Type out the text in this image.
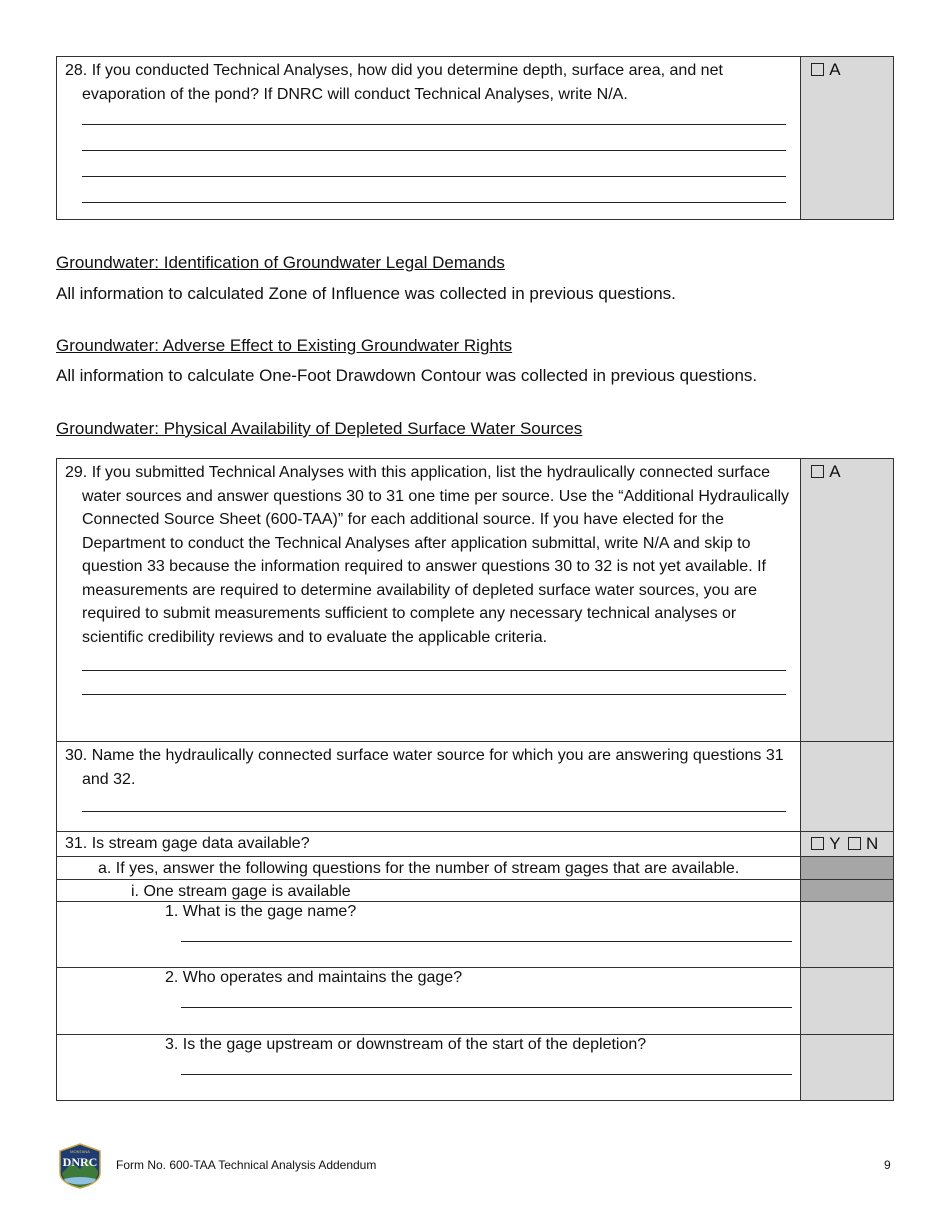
28. If you conducted Technical Analyses, how did you determine depth, surface area, and net evaporation of the pond? If DNRC will conduct Technical Analyses, write N/A.
A
Groundwater: Identification of Groundwater Legal Demands
All information to calculated Zone of Influence was collected in previous questions.
Groundwater: Adverse Effect to Existing Groundwater Rights
All information to calculate One-Foot Drawdown Contour was collected in previous questions.
Groundwater: Physical Availability of Depleted Surface Water Sources
29. If you submitted Technical Analyses with this application, list the hydraulically connected surface water sources and answer questions 30 to 31 one time per source. Use the “Additional Hydraulically Connected Source Sheet (600-TAA)” for each additional source. If you have elected for the Department to conduct the Technical Analyses after application submittal, write N/A and skip to question 33 because the information required to answer questions 30 to 32 is not yet available. If measurements are required to determine availability of depleted surface water sources, you are required to submit measurements sufficient to complete any necessary technical analyses or scientific credibility reviews and to evaluate the applicable criteria.
A
30. Name the hydraulically connected surface water source for which you are answering questions 31 and 32.
31. Is stream gage data available?	Y N
a. If yes, answer the following questions for the number of stream gages that are available.
i. One stream gage is available
1. What is the gage name?
2. Who operates and maintains the gage?
3. Is the gage upstream or downstream of the start of the depletion?
MONTANA
DNRC Form No. 600-TAA Technical Analysis Addendum	9
